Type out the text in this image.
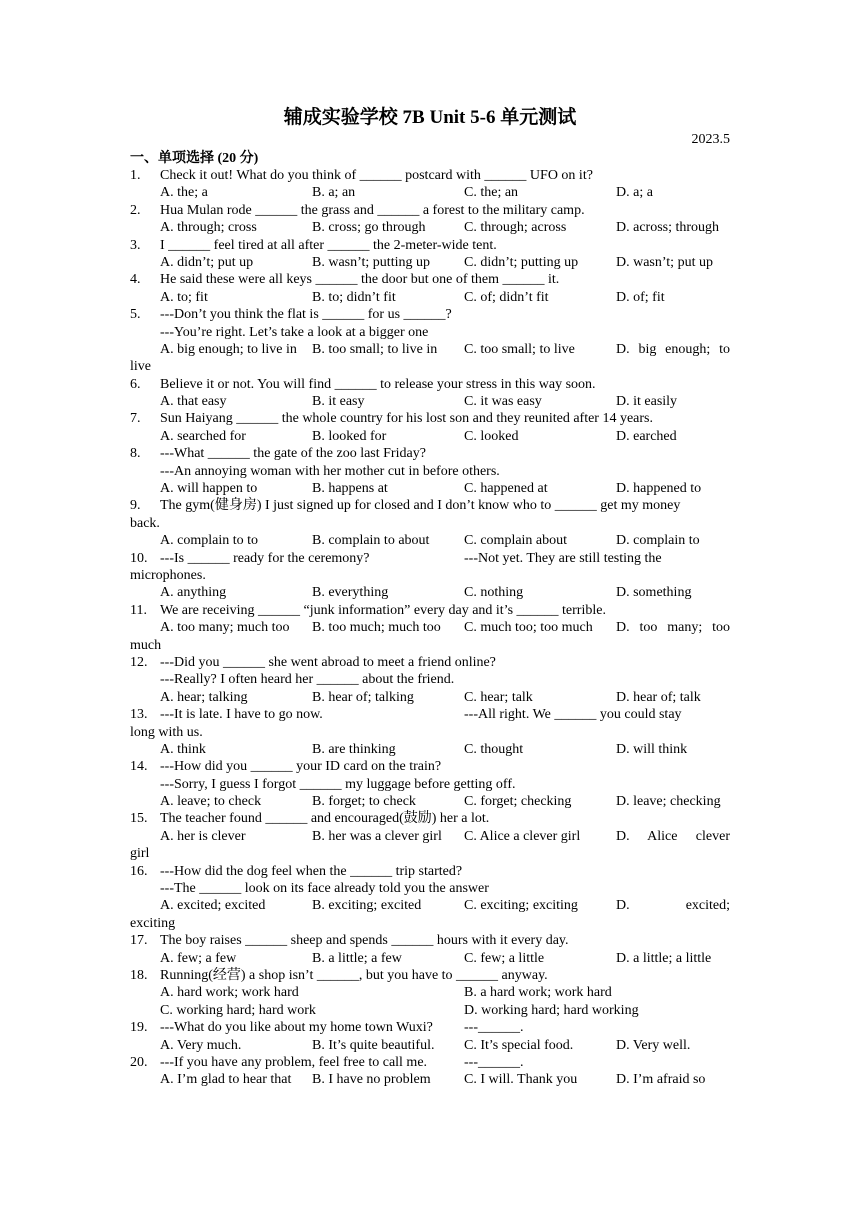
辅成实验学校 7B Unit 5-6 单元测试
2023.5
一、单项选择 (20 分)
1. Check it out! What do you think of ______ postcard with ______ UFO on it?
A. the; a	B. a; an	C. the; an	D. a; a
2. Hua Mulan rode ______ the grass and ______ a forest to the military camp.
A. through; cross	B. cross; go through	C. through; across	D. across; through
3. I ______ feel tired at all after ______ the 2-meter-wide tent.
A. didn’t; put up	B. wasn’t; putting up C. didn’t; putting up	D. wasn’t; put up
4. He said these were all keys ______ the door but one of them ______ it.
A. to; fit	B. to; didn’t fit	C. of; didn’t fit	D. of; fit
5. ---Don’t you think the flat is ______ for us ______?
---You’re right. Let’s take a look at a bigger one
A. big enough; to live in B. too small; to live in C. too small; to live	D. big enough; to
live
6. Believe it or not. You will find ______ to release your stress in this way soon.
A. that easy	B. it easy	C. it was easy	D. it easily
7. Sun Haiyang ______ the whole country for his lost son and they reunited after 14 years.
A. searched for	B. looked for	C. looked	D. earched
8. ---What ______ the gate of the zoo last Friday?
---An annoying woman with her mother cut in before others.
A. will happen to	B. happens at	C. happened at	D. happened to
9. The gym(健身房) I just signed up for closed and I don’t know who to ______ get my money
back.
A. complain to to	B. complain to about C. complain about	D. complain to
10. ---Is ______ ready for the ceremony?	---Not yet. They are still testing the
microphones.
A. anything	B. everything	C. nothing	D. something
11. We are receiving ______ “junk information” every day and it’s ______ terrible.
A. too many; much too B. too much; much too C. much too; too much D. too many; too
much
12. ---Did you ______ she went abroad to meet a friend online?
---Really? I often heard her ______ about the friend.
A. hear; talking	B. hear of; talking	C. hear; talk	D. hear of; talk
13. ---It is late. I have to go now.	---All right. We ______ you could stay
long with us.
A. think	B. are thinking	C. thought	D. will think
14. ---How did you ______ your ID card on the train?
---Sorry, I guess I forgot ______ my luggage before getting off.
A. leave; to check	B. forget; to check	C. forget; checking	D. leave; checking
15. The teacher found ______ and encouraged(鼓励) her a lot.
A. her is clever	B. her was a clever girl C. Alice a clever girl	D. Alice clever
girl
16. ---How did the dog feel when the ______ trip started?
---The ______ look on its face already told you the answer
A. excited; excited	B. exciting; excited	C. exciting; exciting	D. excited;
exciting
17. The boy raises ______ sheep and spends ______ hours with it every day.
A. few; a few	B. a little; a few	C. few; a little	D. a little; a little
18. Running(经营) a shop isn’t ______, but you have to ______ anyway.
A. hard work; work hard	B. a hard work; work hard
C. working hard; hard work	D. working hard; hard working
19. ---What do you like about my home town Wuxi? ---______.
A. Very much.	B. It’s quite beautiful. C. It’s special food.	D. Very well.
20. ---If you have any problem, feel free to call me.	---______.
A. I’m glad to hear that B. I have no problem C. I will. Thank you	D. I’m afraid so
